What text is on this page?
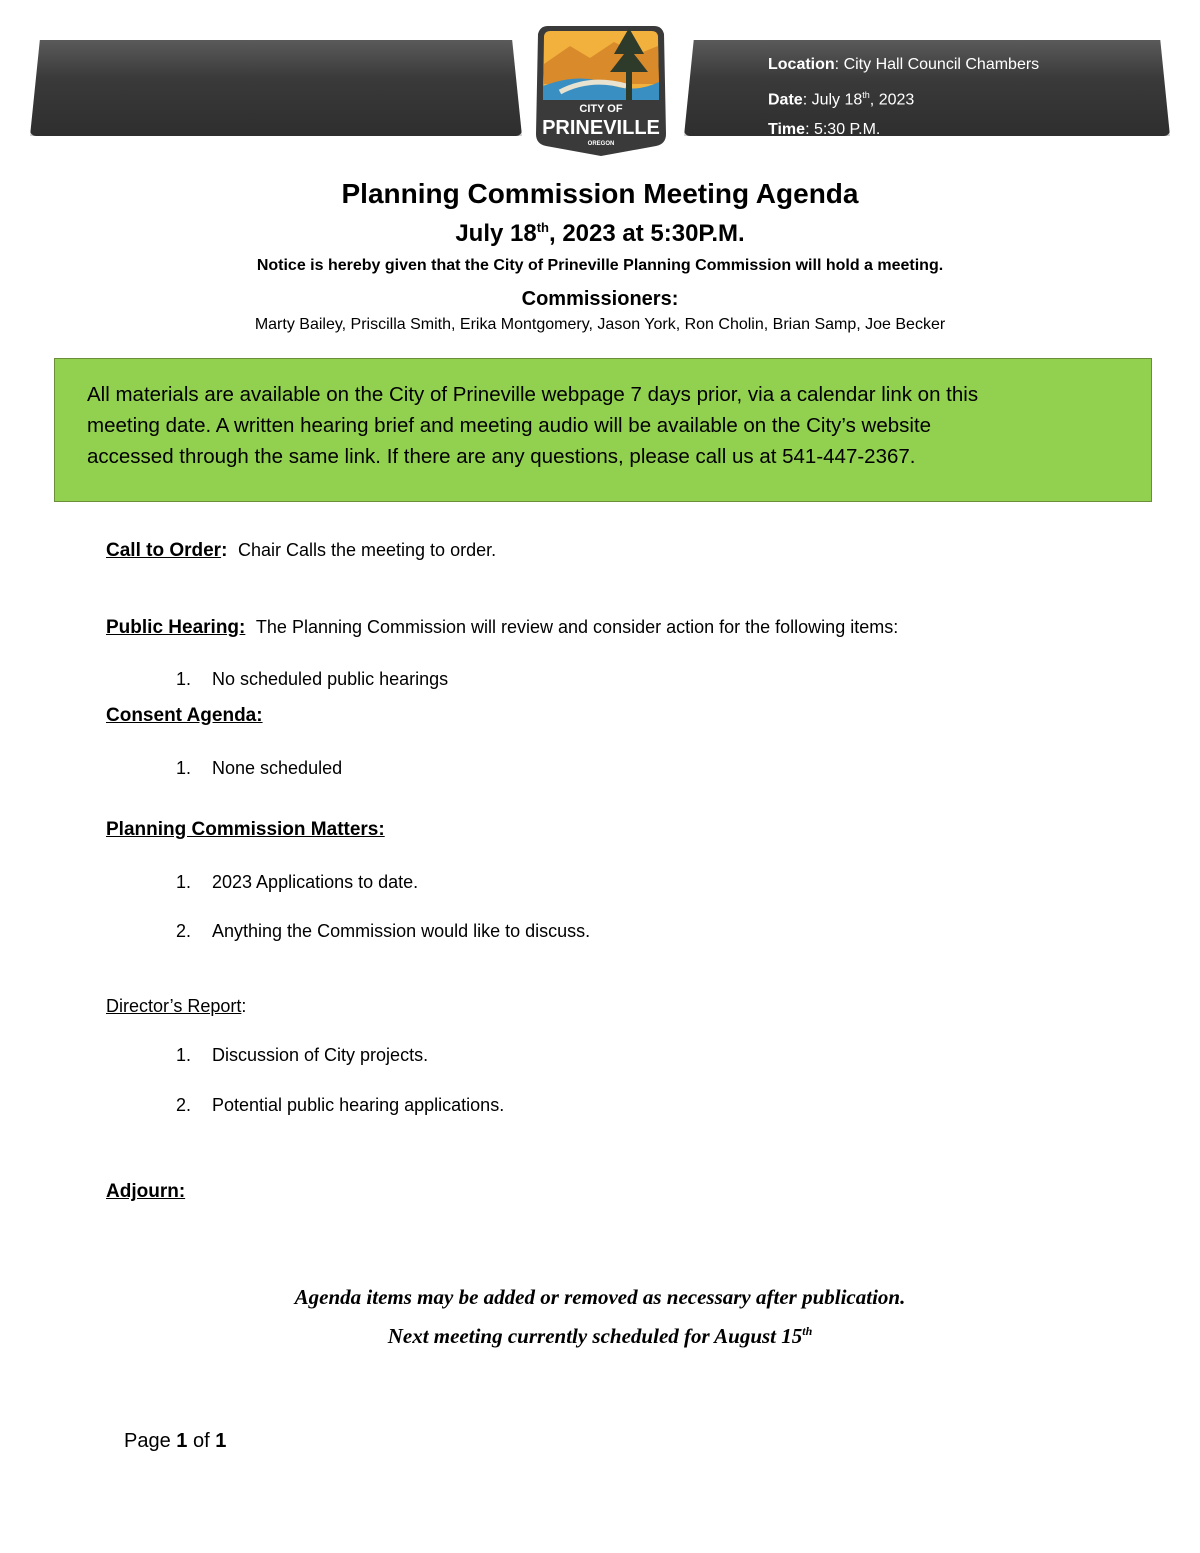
Location: City Hall Council Chambers
Date: July 18th, 2023
Time: 5:30 P.M.
CITY OF
PRINEVILLE
OREGON
Planning Commission Meeting Agenda
July 18th, 2023 at 5:30P.M.
Notice is hereby given that the City of Prineville Planning Commission will hold a meeting.
Commissioners:
Marty Bailey, Priscilla Smith, Erika Montgomery, Jason York, Ron Cholin, Brian Samp, Joe Becker
All materials are available on the City of Prineville webpage 7 days prior, via a calendar link on this
meeting date. A written hearing brief and meeting audio will be available on the City’s website
accessed through the same link. If there are any questions, please call us at 541-447-2367.
Call to Order: Chair Calls the meeting to order.
Public Hearing: The Planning Commission will review and consider action for the following items:
1. No scheduled public hearings
Consent Agenda:
1. None scheduled
Planning Commission Matters:
1. 2023 Applications to date.
2. Anything the Commission would like to discuss.
Director’s Report:
1. Discussion of City projects.
2. Potential public hearing applications.
Adjourn:
Agenda items may be added or removed as necessary after publication.
Next meeting currently scheduled for August 15th
Page 1 of 1
